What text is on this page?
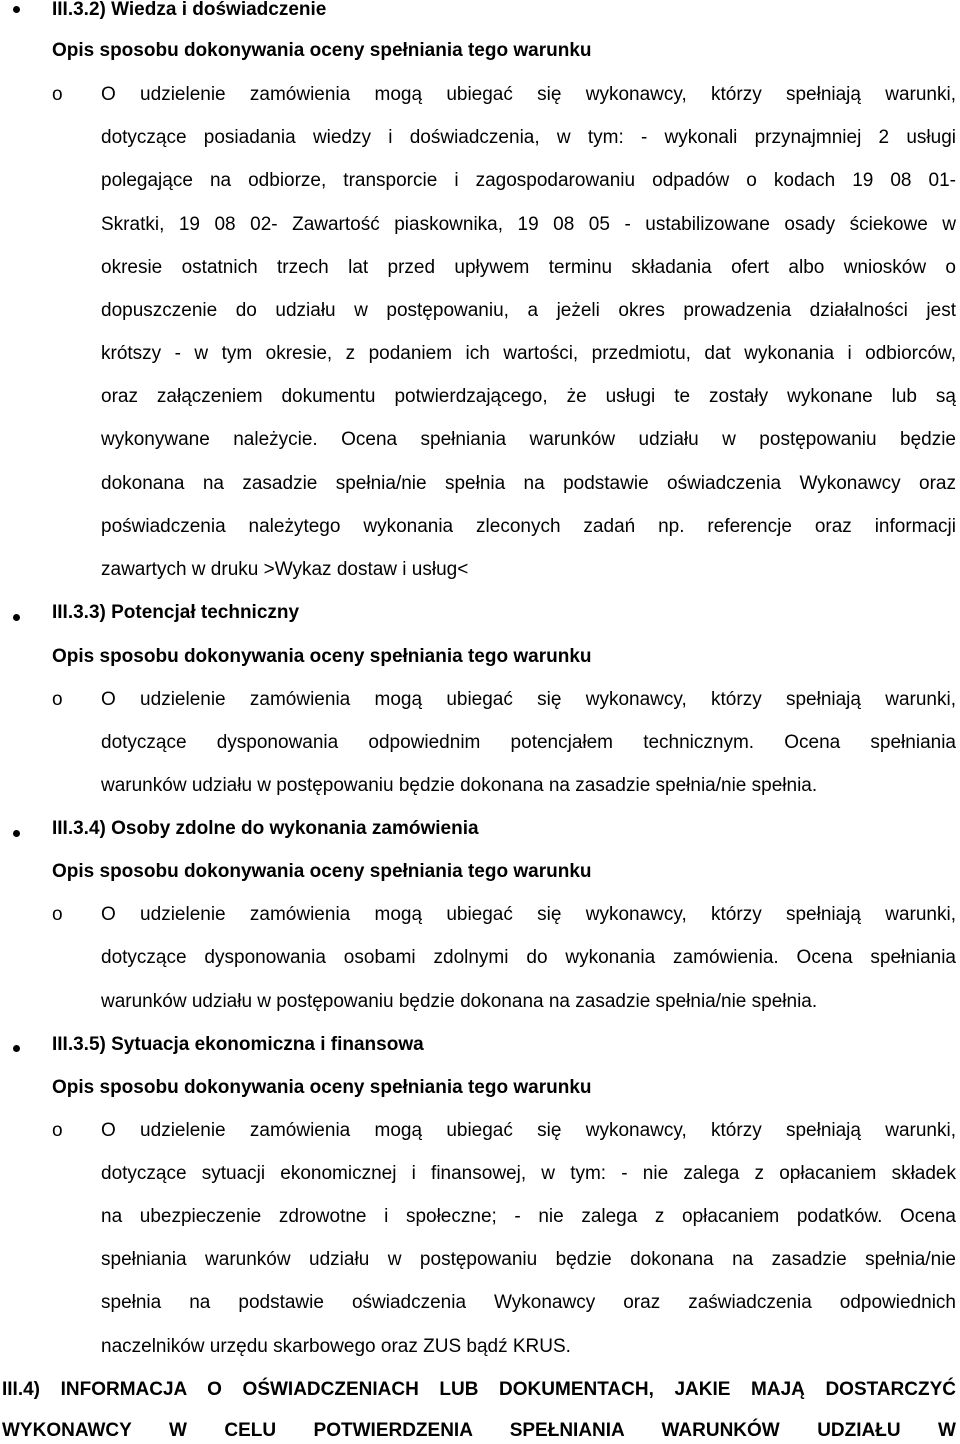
III.3.2) Wiedza i doświadczenie
Opis sposobu dokonywania oceny spełniania tego warunku
o O udzielenie zamówienia mogą ubiegać się wykonawcy, którzy spełniają warunki,
dotyczące posiadania wiedzy i doświadczenia, w tym: - wykonali przynajmniej 2 usługi
polegające na odbiorze, transporcie i zagospodarowaniu odpadów o kodach 19 08 01-
Skratki, 19 08 02- Zawartość piaskownika, 19 08 05 - ustabilizowane osady ściekowe w
okresie ostatnich trzech lat przed upływem terminu składania ofert albo wniosków o
dopuszczenie do udziału w postępowaniu, a jeżeli okres prowadzenia działalności jest
krótszy - w tym okresie, z podaniem ich wartości, przedmiotu, dat wykonania i odbiorców,
oraz załączeniem dokumentu potwierdzającego, że usługi te zostały wykonane lub są
wykonywane należycie. Ocena spełniania warunków udziału w postępowaniu będzie
dokonana na zasadzie spełnia/nie spełnia na podstawie oświadczenia Wykonawcy oraz
poświadczenia należytego wykonania zleconych zadań np. referencje oraz informacji
zawartych w druku >Wykaz dostaw i usług<
III.3.3) Potencjał techniczny
Opis sposobu dokonywania oceny spełniania tego warunku
o O udzielenie zamówienia mogą ubiegać się wykonawcy, którzy spełniają warunki,
dotyczące dysponowania odpowiednim potencjałem technicznym. Ocena spełniania
warunków udziału w postępowaniu będzie dokonana na zasadzie spełnia/nie spełnia.
III.3.4) Osoby zdolne do wykonania zamówienia
Opis sposobu dokonywania oceny spełniania tego warunku
o O udzielenie zamówienia mogą ubiegać się wykonawcy, którzy spełniają warunki,
dotyczące dysponowania osobami zdolnymi do wykonania zamówienia. Ocena spełniania
warunków udziału w postępowaniu będzie dokonana na zasadzie spełnia/nie spełnia.
III.3.5) Sytuacja ekonomiczna i finansowa
Opis sposobu dokonywania oceny spełniania tego warunku
o O udzielenie zamówienia mogą ubiegać się wykonawcy, którzy spełniają warunki,
dotyczące sytuacji ekonomicznej i finansowej, w tym: - nie zalega z opłacaniem składek
na ubezpieczenie zdrowotne i społeczne; - nie zalega z opłacaniem podatków. Ocena
spełniania warunków udziału w postępowaniu będzie dokonana na zasadzie spełnia/nie
spełnia na podstawie oświadczenia Wykonawcy oraz zaświadczenia odpowiednich
naczelników urzędu skarbowego oraz ZUS bądź KRUS.
III.4) INFORMACJA O OŚWIADCZENIACH LUB DOKUMENTACH, JAKIE MAJĄ DOSTARCZYĆ
WYKONAWCY W CELU POTWIERDZENIA SPEŁNIANIA WARUNKÓW UDZIAŁU W
